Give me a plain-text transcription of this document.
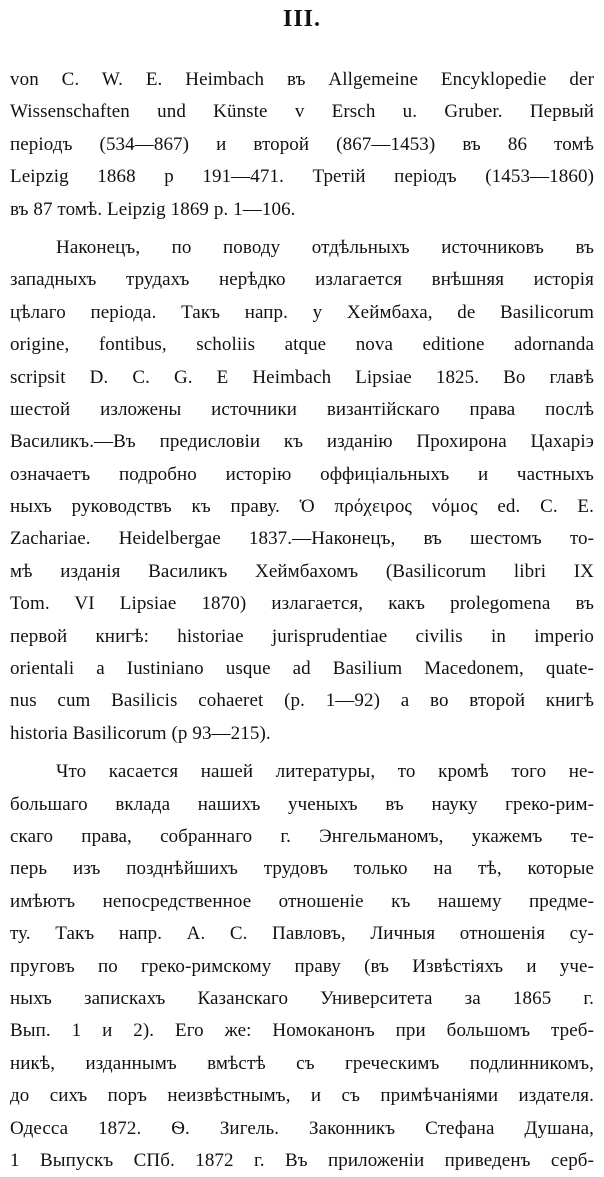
III.
von C. W. E. Heimbach въ Allgemeine Encyklopedie der
Wissenschaften und Künste v Ersch u. Gruber. Первый
періодъ (534—867) и второй (867—1453) въ 86 томѣ
Leipzig 1868 р 191—471. Третій періодъ (1453—1860)
въ 87 томѣ. Leipzig 1869 р. 1—106.
Наконецъ, по поводу отдѣльныхъ источниковъ въ
западныхъ трудахъ нерѣдко излагается внѣшняя исторія
цѣлаго періода. Такъ напр. у Хеймбаха, de Basilicorum
origine, fontibus, scholiis atque nova editione adornanda
scripsit D. C. G. E Heimbach Lipsiae 1825. Во главѣ
шестой изложены источники византійскаго права послѣ
Василикъ.—Въ предисловіи къ изданію Прохирона Цахаріэ
означаетъ подробно исторію оффиціальныхъ и частныхъ
ныхъ руководствъ къ праву. Ὁ πρόχειρος νόμος ed. C. E.
Zachariae. Heidelbergae 1837.—Наконецъ, въ шестомъ то-
мѣ изданія Василикъ Хеймбахомъ (Basilicorum libri IX
Tom. VI Lipsiae 1870) излагается, какъ prolegomena въ
первой книгѣ: historiae jurisprudentiae civilis in imperio
orientali a Iustiniano usque ad Basilium Macedonem, quate-
nus cum Basilicis cohaeret (р. 1—92) а во второй книгѣ
historia Basilicorum (р 93—215).
Что касается нашей литературы, то кромѣ того не-
большаго вклада нашихъ ученыхъ въ науку греко-рим-
скаго права, собраннаго г. Энгельманомъ, укажемъ те-
перь изъ позднѣйшихъ трудовъ только на тѣ, которые
имѣютъ непосредственное отношеніе къ нашему предме-
ту. Такъ напр. А. С. Павловъ, Личныя отношенія су-
пруговъ по греко-римскому праву (въ Извѣстіяхъ и уче-
ныхъ запискахъ Казанскаго Университета за 1865 г.
Вып. 1 и 2). Его же: Номоканонъ при большомъ треб-
никѣ, изданнымъ вмѣстѣ съ греческимъ подлинникомъ,
до сихъ поръ неизвѣстнымъ, и съ примѣчаніями издателя.
Одесса 1872. Ѳ. Зигель. Законникъ Стефана Душана,
1 Выпускъ СПб. 1872 г. Въ приложеніи приведенъ серб-
